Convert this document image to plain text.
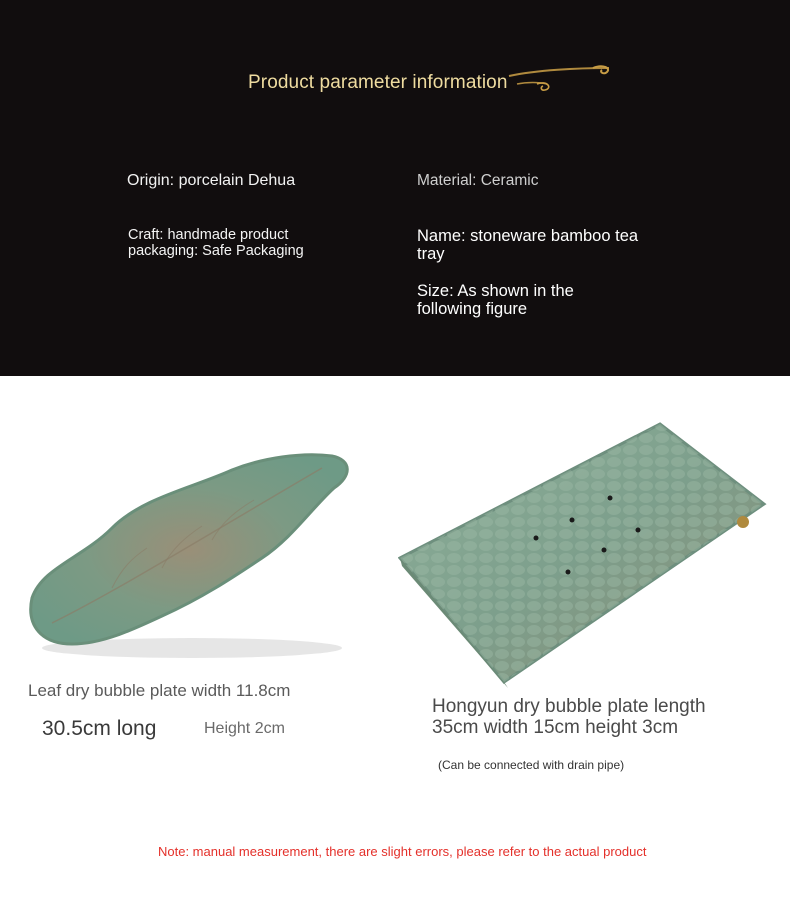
Product parameter information
Origin: porcelain Dehua	Material: Ceramic
Craft: handmade product packaging: Safe Packaging
Name: stoneware bamboo tea tray
Size: As shown in the following figure
Leaf dry bubble plate width 11.8cm
30.5cm long	Height 2cm
Hongyun dry bubble plate length 35cm width 15cm height 3cm
(Can be connected with drain pipe)
Note: manual measurement, there are slight errors, please refer to the actual product
